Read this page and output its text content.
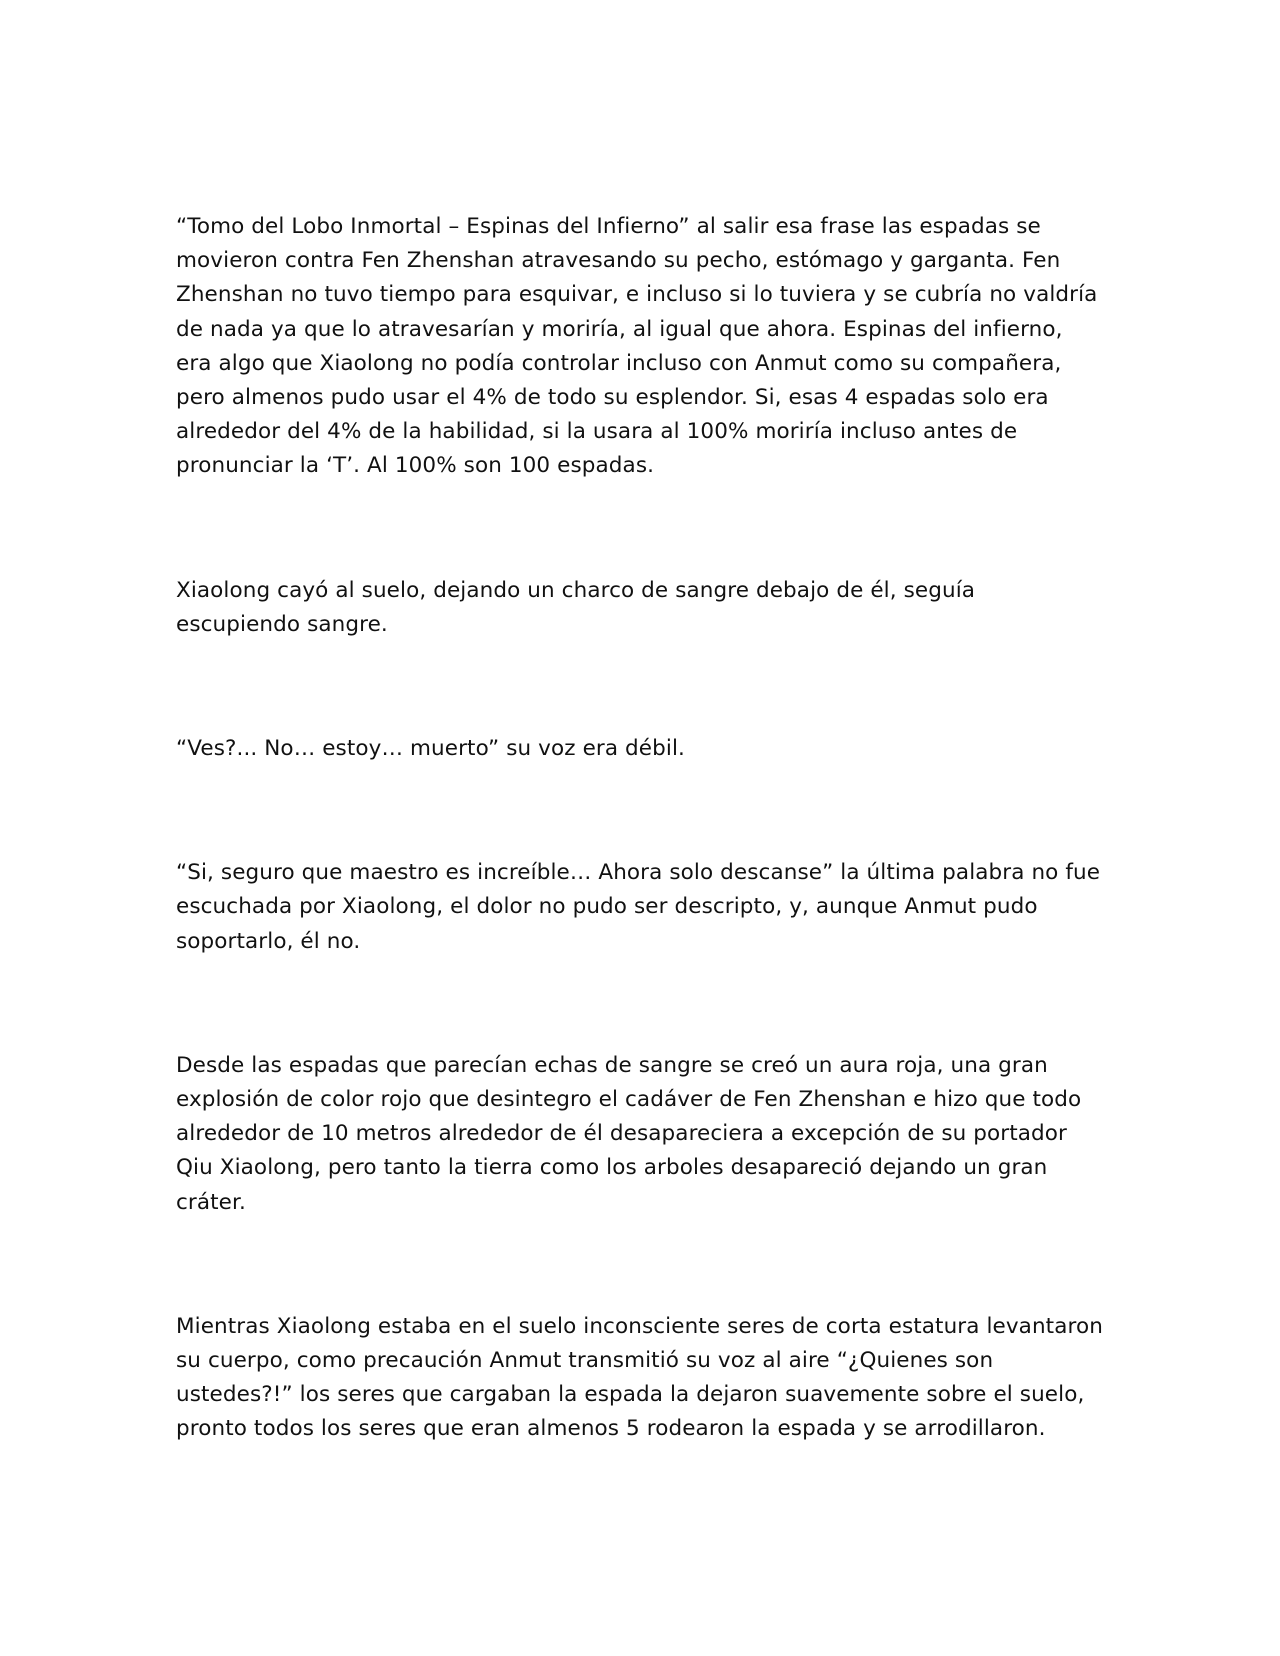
“Tomo del Lobo Inmortal – Espinas del Infierno” al salir esa frase las espadas se movieron contra Fen Zhenshan atravesando su pecho, estómago y garganta. Fen Zhenshan no tuvo tiempo para esquivar, e incluso si lo tuviera y se cubría no valdría de nada ya que lo atravesarían y moriría, al igual que ahora. Espinas del infierno, era algo que Xiaolong no podía controlar incluso con Anmut como su compañera, pero almenos pudo usar el 4% de todo su esplendor. Si, esas 4 espadas solo era alrededor del 4% de la habilidad, si la usara al 100% moriría incluso antes de pronunciar la ‘T’. Al 100% son 100 espadas.

Xiaolong cayó al suelo, dejando un charco de sangre debajo de él, seguía escupiendo sangre.

“Ves?... No… estoy… muerto” su voz era débil.

“Si, seguro que maestro es increíble… Ahora solo descanse” la última palabra no fue escuchada por Xiaolong, el dolor no pudo ser descripto, y, aunque Anmut pudo soportarlo, él no.

Desde las espadas que parecían echas de sangre se creó un aura roja, una gran explosión de color rojo que desintegro el cadáver de Fen Zhenshan e hizo que todo alrededor de 10 metros alrededor de él desapareciera a excepción de su portador Qiu Xiaolong, pero tanto la tierra como los arboles desapareció dejando un gran cráter.

Mientras Xiaolong estaba en el suelo inconsciente seres de corta estatura levantaron su cuerpo, como precaución Anmut transmitió su voz al aire “¿Quienes son ustedes?!” los seres que cargaban la espada la dejaron suavemente sobre el suelo, pronto todos los seres que eran almenos 5 rodearon la espada y se arrodillaron.
